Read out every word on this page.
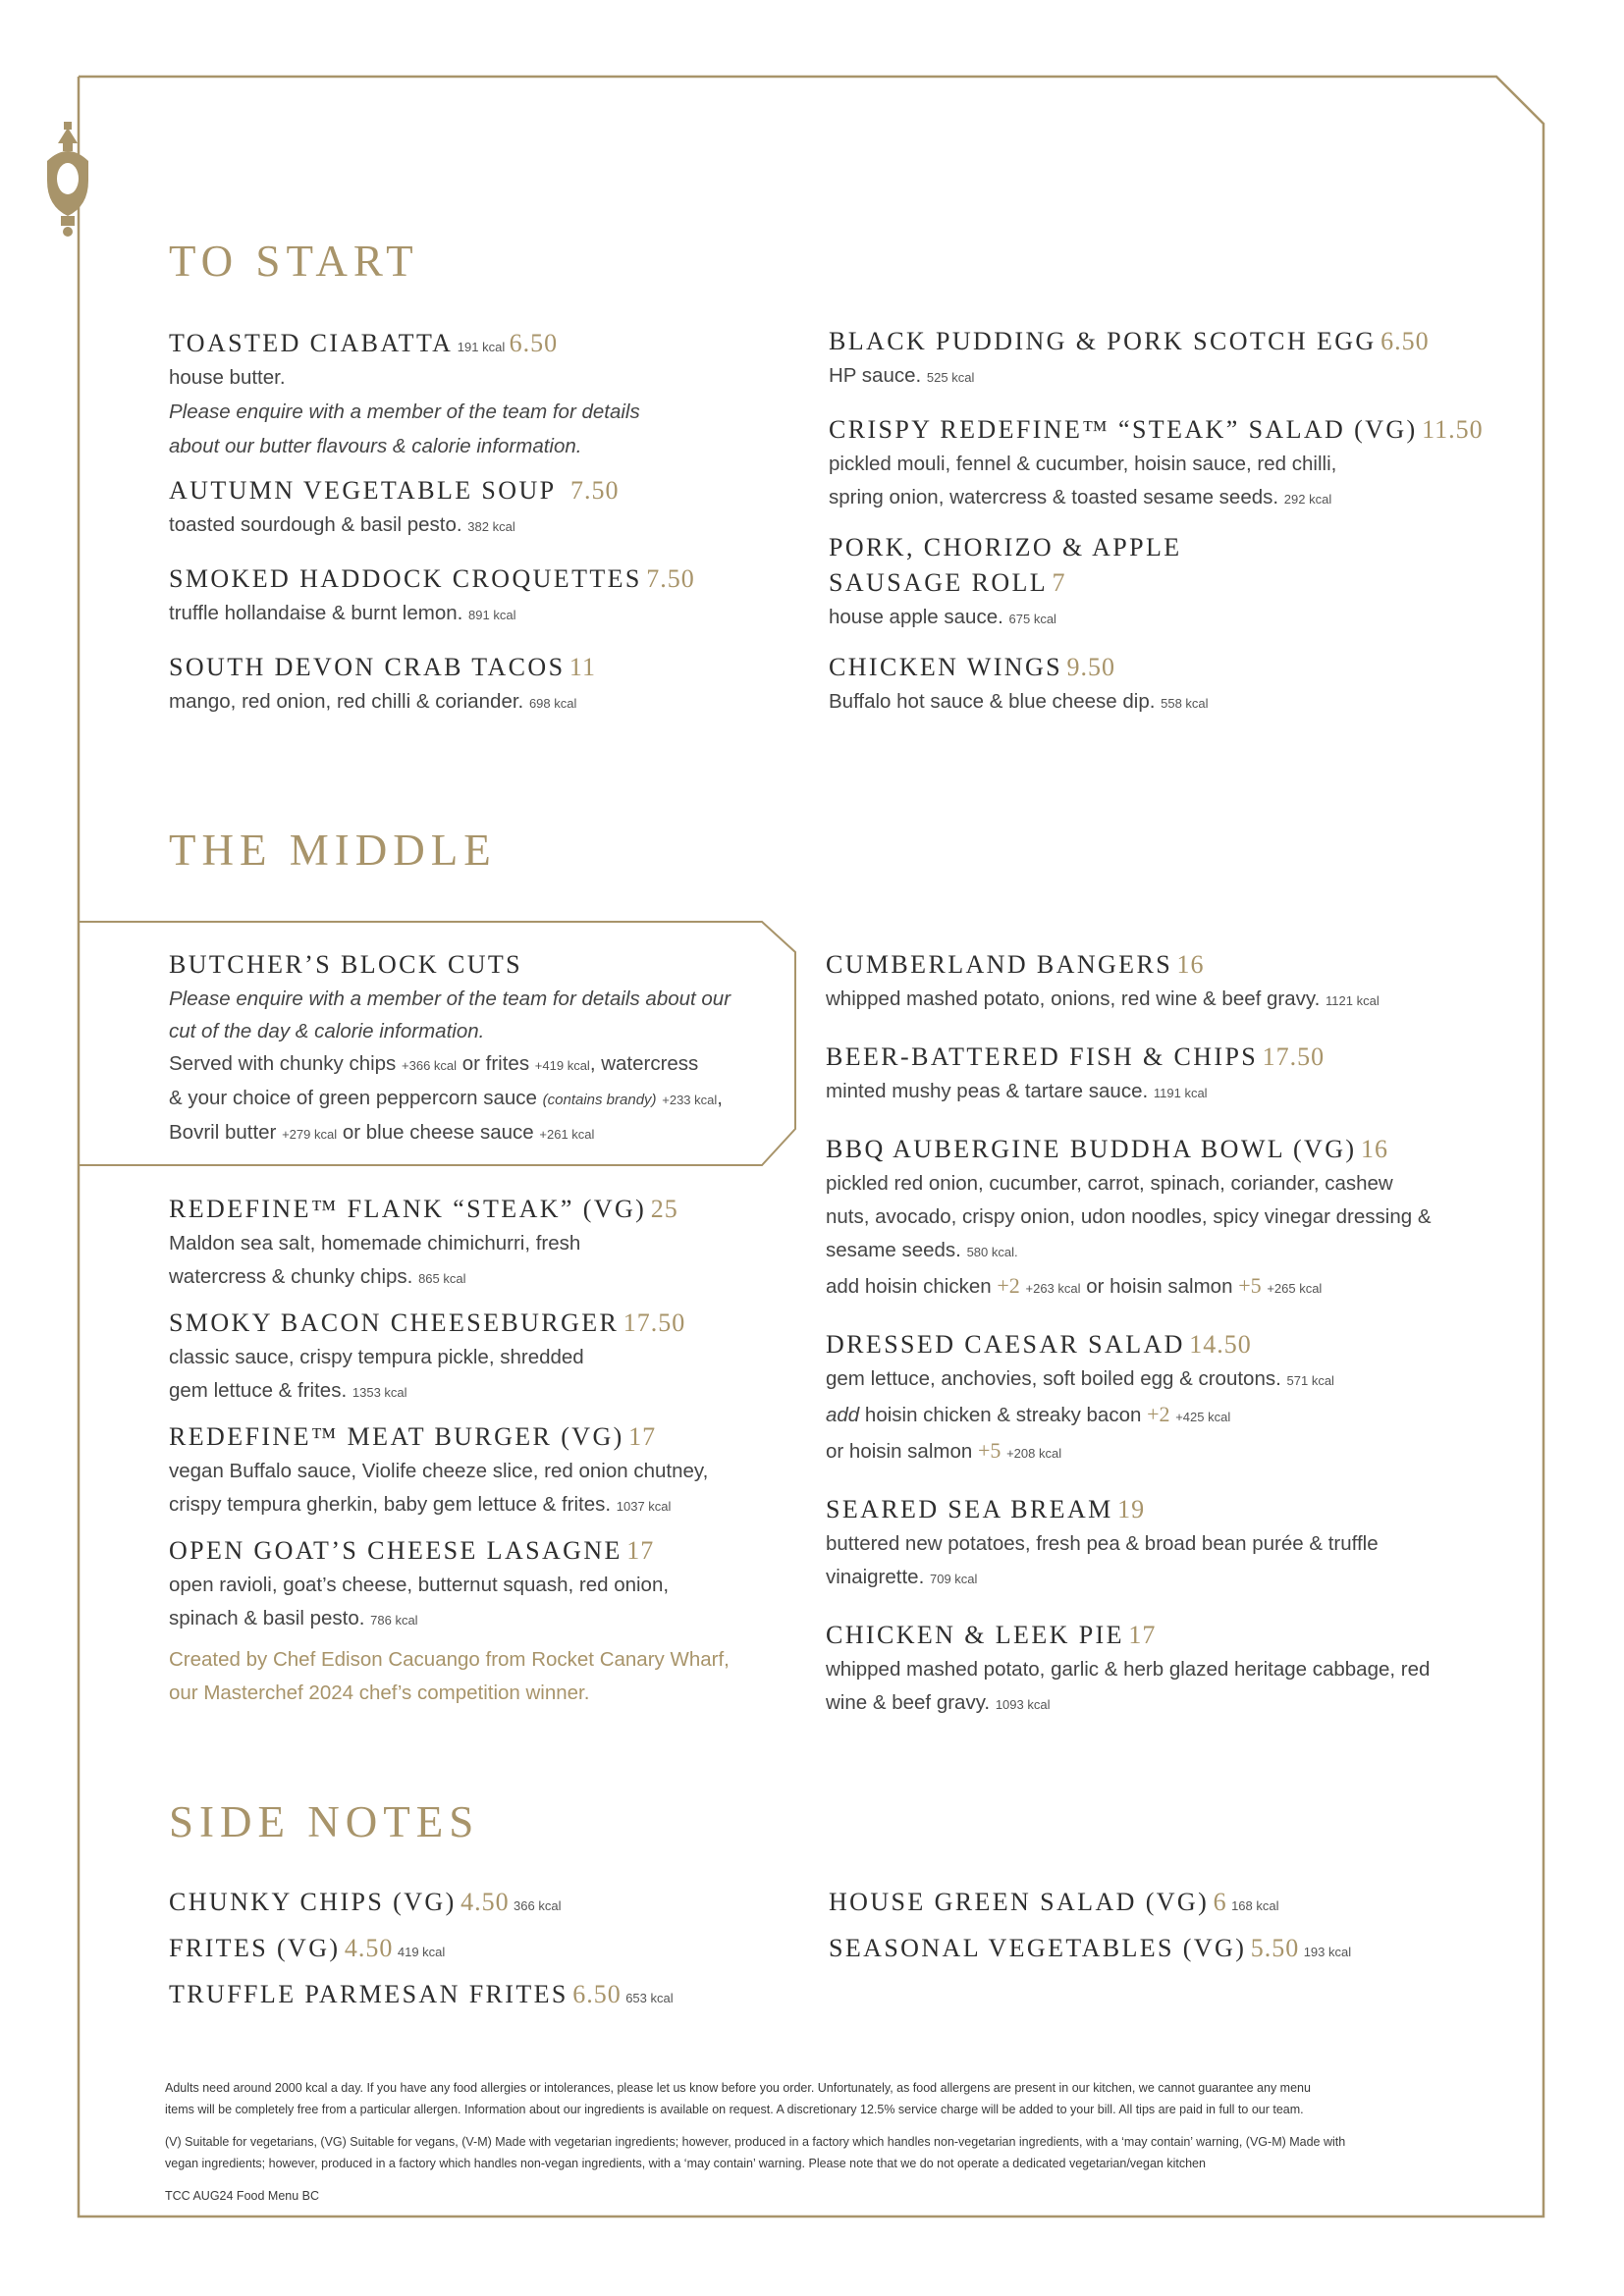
TO START
THE MIDDLE
SIDE NOTES
TOASTED CIABATTA 191 kcal 6.50
house butter.
Please enquire with a member of the team for details
about our butter flavours & calorie information.
AUTUMN VEGETABLE SOUP 7.50
toasted sourdough & basil pesto. 382 kcal
SMOKED HADDOCK CROQUETTES 7.50
truffle hollandaise & burnt lemon. 891 kcal
SOUTH DEVON CRAB TACOS 11
mango, red onion, red chilli & coriander. 698 kcal
BLACK PUDDING & PORK SCOTCH EGG 6.50
HP sauce. 525 kcal
CRISPY REDEFINE™ “STEAK” SALAD (VG) 11.50
pickled mouli, fennel & cucumber, hoisin sauce, red chilli,
spring onion, watercress & toasted sesame seeds. 292 kcal
PORK, CHORIZO & APPLE
SAUSAGE ROLL 7
house apple sauce. 675 kcal
CHICKEN WINGS 9.50
Buffalo hot sauce & blue cheese dip. 558 kcal
BUTCHER’S BLOCK CUTS
Please enquire with a member of the team for details about our
cut of the day & calorie information.
Served with chunky chips +366 kcal or frites +419 kcal, watercress
& your choice of green peppercorn sauce (contains brandy) +233 kcal,
Bovril butter +279 kcal or blue cheese sauce +261 kcal
REDEFINE™ FLANK “STEAK” (VG) 25
Maldon sea salt, homemade chimichurri, fresh
watercress & chunky chips. 865 kcal
SMOKY BACON CHEESEBURGER 17.50
classic sauce, crispy tempura pickle, shredded
gem lettuce & frites. 1353 kcal
REDEFINE™ MEAT BURGER (VG) 17
vegan Buffalo sauce, Violife cheeze slice, red onion chutney,
crispy tempura gherkin, baby gem lettuce & frites. 1037 kcal
OPEN GOAT’S CHEESE LASAGNE 17
open ravioli, goat’s cheese, butternut squash, red onion,
spinach & basil pesto. 786 kcal
Created by Chef Edison Cacuango from Rocket Canary Wharf,
our Masterchef 2024 chef’s competition winner.
CUMBERLAND BANGERS 16
whipped mashed potato, onions, red wine & beef gravy. 1121 kcal
BEER-BATTERED FISH & CHIPS 17.50
minted mushy peas & tartare sauce. 1191 kcal
BBQ AUBERGINE BUDDHA BOWL (VG) 16
pickled red onion, cucumber, carrot, spinach, coriander, cashew
nuts, avocado, crispy onion, udon noodles, spicy vinegar dressing &
sesame seeds. 580 kcal.
add hoisin chicken +2 +263 kcal or hoisin salmon +5 +265 kcal
DRESSED CAESAR SALAD 14.50
gem lettuce, anchovies, soft boiled egg & croutons. 571 kcal
add hoisin chicken & streaky bacon +2 +425 kcal
or hoisin salmon +5 +208 kcal
SEARED SEA BREAM 19
buttered new potatoes, fresh pea & broad bean purée & truffle
vinaigrette. 709 kcal
CHICKEN & LEEK PIE 17
whipped mashed potato, garlic & herb glazed heritage cabbage, red
wine & beef gravy. 1093 kcal
CHUNKY CHIPS (VG) 4.50 366 kcal
FRITES (VG) 4.50 419 kcal
TRUFFLE PARMESAN FRITES 6.50 653 kcal
HOUSE GREEN SALAD (VG) 6 168 kcal
SEASONAL VEGETABLES (VG) 5.50 193 kcal
Adults need around 2000 kcal a day. If you have any food allergies or intolerances, please let us know before you order. Unfortunately, as food allergens are present in our kitchen, we cannot guarantee any menu
items will be completely free from a particular allergen. Information about our ingredients is available on request. A discretionary 12.5% service charge will be added to your bill. All tips are paid in full to our team.
(V) Suitable for vegetarians, (VG) Suitable for vegans, (V-M) Made with vegetarian ingredients; however, produced in a factory which handles non-vegetarian ingredients, with a ‘may contain’ warning, (VG-M) Made with
vegan ingredients; however, produced in a factory which handles non-vegan ingredients, with a ‘may contain’ warning. Please note that we do not operate a dedicated vegetarian/vegan kitchen
TCC AUG24 Food Menu BC
